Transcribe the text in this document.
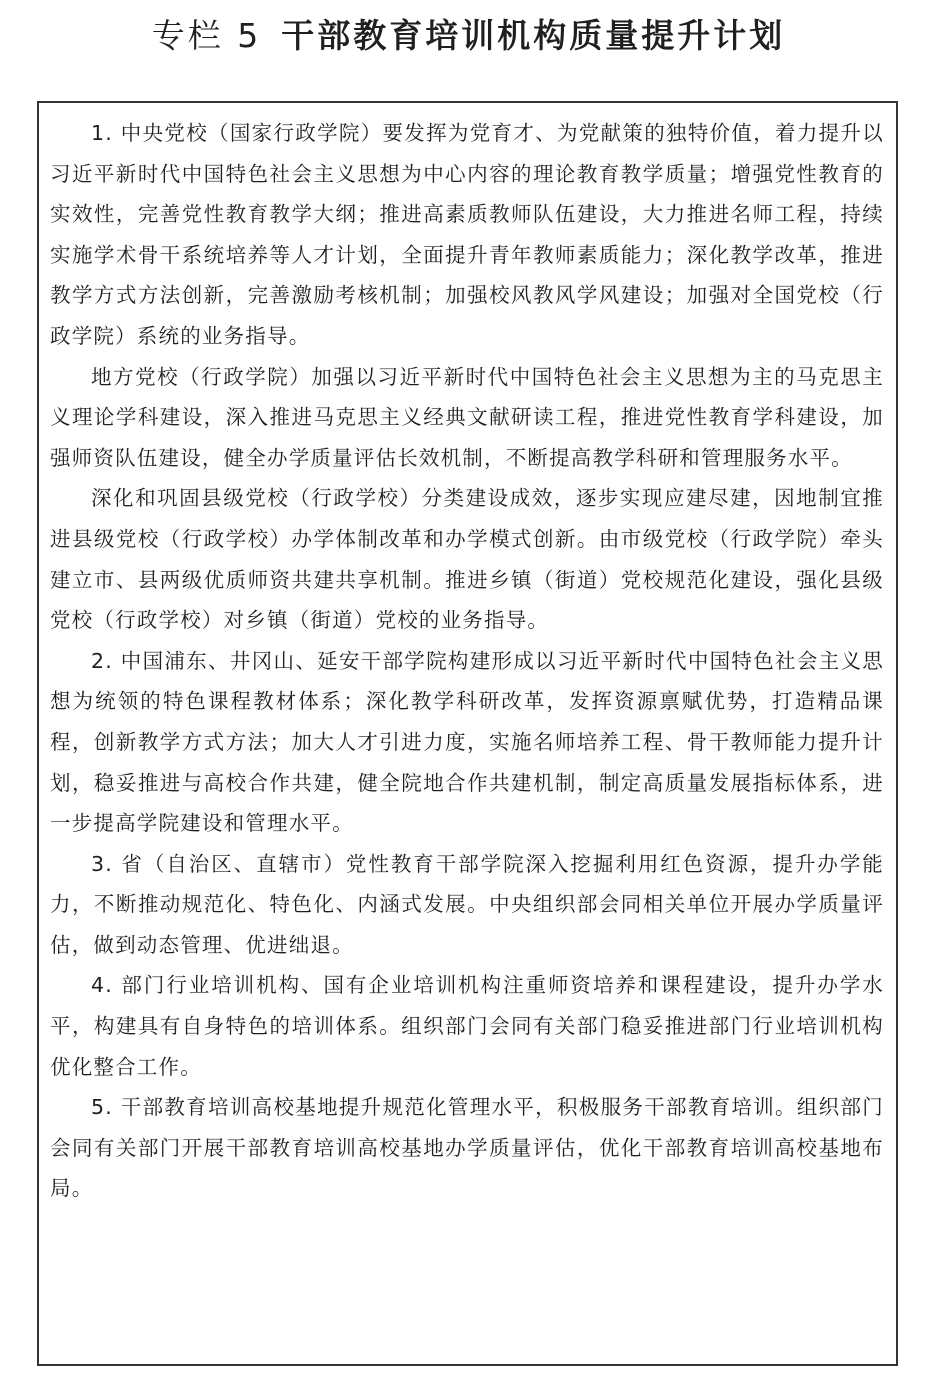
专栏 5 干部教育培训机构质量提升计划

1. 中央党校（国家行政学院）要发挥为党育才、为党献策的独特价值，着力提升以习近平新时代中国特色社会主义思想为中心内容的理论教育教学质量；增强党性教育的实效性，完善党性教育教学大纲；推进高素质教师队伍建设，大力推进名师工程，持续实施学术骨干系统培养等人才计划，全面提升青年教师素质能力；深化教学改革，推进教学方式方法创新，完善激励考核机制；加强校风教风学风建设；加强对全国党校（行政学院）系统的业务指导。

地方党校（行政学院）加强以习近平新时代中国特色社会主义思想为主的马克思主义理论学科建设，深入推进马克思主义经典文献研读工程，推进党性教育学科建设，加强师资队伍建设，健全办学质量评估长效机制，不断提高教学科研和管理服务水平。

深化和巩固县级党校（行政学校）分类建设成效，逐步实现应建尽建，因地制宜推进县级党校（行政学校）办学体制改革和办学模式创新。由市级党校（行政学院）牵头建立市、县两级优质师资共建共享机制。推进乡镇（街道）党校规范化建设，强化县级党校（行政学校）对乡镇（街道）党校的业务指导。

2. 中国浦东、井冈山、延安干部学院构建形成以习近平新时代中国特色社会主义思想为统领的特色课程教材体系；深化教学科研改革，发挥资源禀赋优势，打造精品课程，创新教学方式方法；加大人才引进力度，实施名师培养工程、骨干教师能力提升计划，稳妥推进与高校合作共建，健全院地合作共建机制，制定高质量发展指标体系，进一步提高学院建设和管理水平。

3. 省（自治区、直辖市）党性教育干部学院深入挖掘利用红色资源，提升办学能力，不断推动规范化、特色化、内涵式发展。中央组织部会同相关单位开展办学质量评估，做到动态管理、优进绌退。

4. 部门行业培训机构、国有企业培训机构注重师资培养和课程建设，提升办学水平，构建具有自身特色的培训体系。组织部门会同有关部门稳妥推进部门行业培训机构优化整合工作。

5. 干部教育培训高校基地提升规范化管理水平，积极服务干部教育培训。组织部门会同有关部门开展干部教育培训高校基地办学质量评估，优化干部教育培训高校基地布局。
